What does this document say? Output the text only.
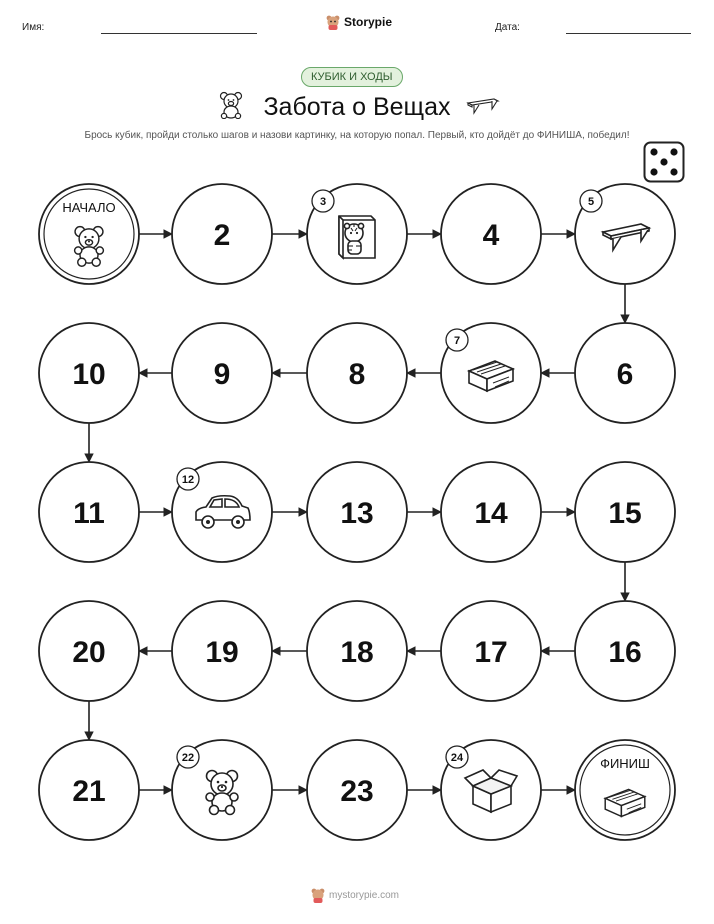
Имя:	Storypie	Дата:
КУБИК И ХОДЫ
Забота о Вещах
Брось кубик, пройди столько шагов и назови картинку, на которую попал. Первый, кто дойдёт до ФИНИША, победил!
НАЧАЛО
2
3
4
5
6
7
8
9
10
11
12
13	14	15
16
17
18
19
20
21
22
23
24	ФИНИШ
mystorypie.com
